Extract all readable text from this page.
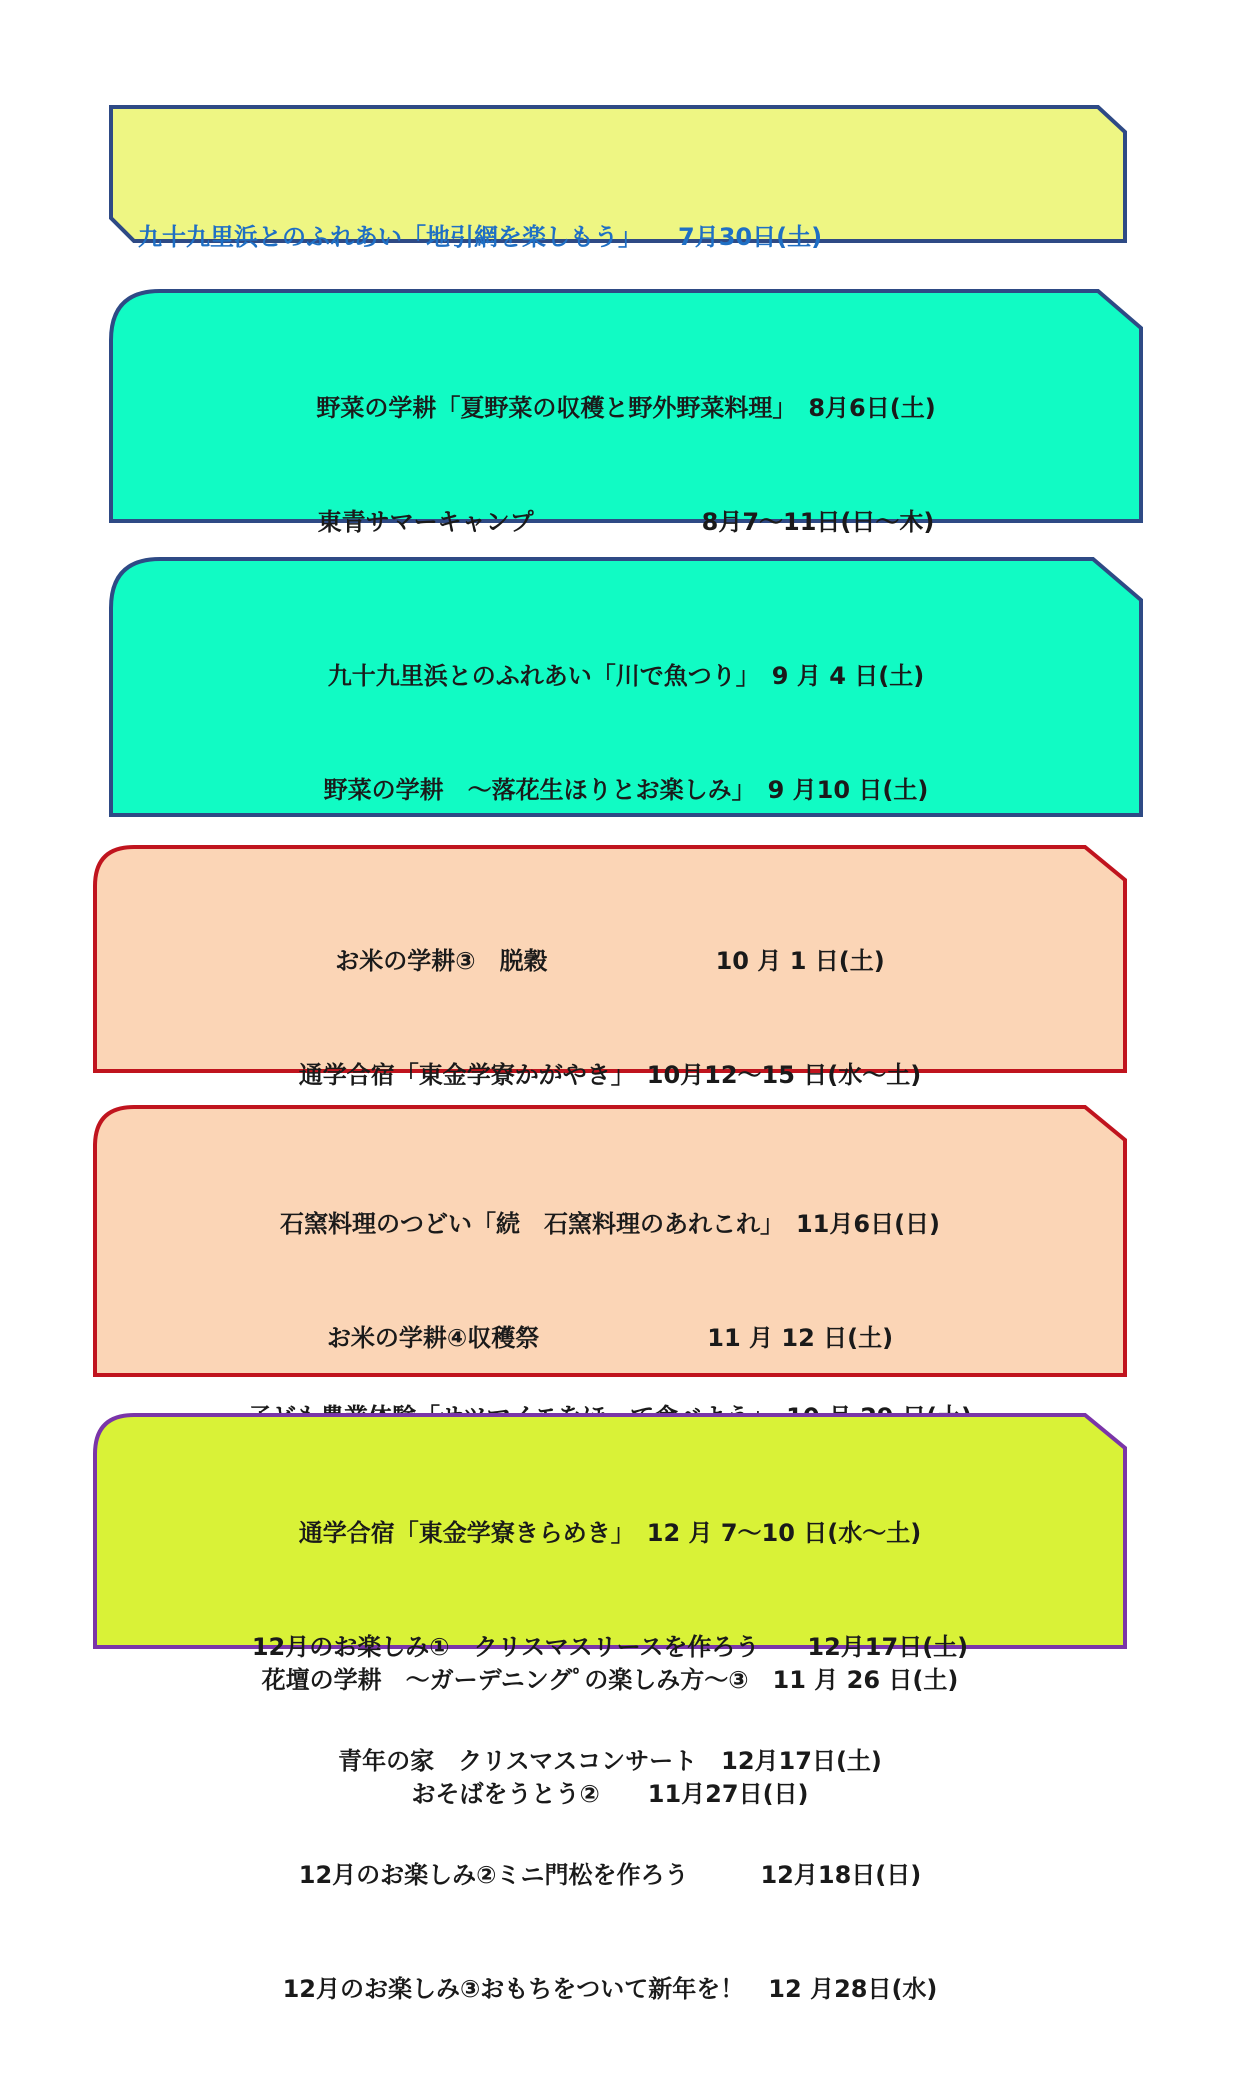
九十九里浜とのふれあい「地引網を楽しもう」　　7月30日(土)

野菜の学耕「夏野菜の収穫と野外野菜料理」　8月6日(土)

東青サマーキャンプ　　　　　　　8月7～11日(日～木)

九十九里浜とのふれあい「川で魚つり」　9 月 4 日(土)

野菜の学耕　～落花生ほりとお楽しみ」　9 月10 日(土)

お米の学耕③　脱穀　　　　　　　10 月 1 日(土)

通学合宿「東金学寮かがやき」　10月12～15 日(水～土)

石窯料理のつどい「続　石窯料理のあれこれ」　11月6日(日)

お米の学耕④収穫祭　　　　　　　11 月 12 日(土)

花壇の学耕　～ガーデニングﾟの楽しみ方～③　11 月 26 日(土)

おそばをうとう②　　11月27日(日)

通学合宿「東金学寮きらめき」　12 月 7～10 日(水～土)

12月のお楽しみ①　クリスマスリースを作ろう　　12月17日(土)

青年の家　クリスマスコンサート　12月17日(土)

12月のお楽しみ②ミニ門松を作ろう　　　12月18日(日)

12月のお楽しみ③おもちをついて新年を！　12 月28日(水)
